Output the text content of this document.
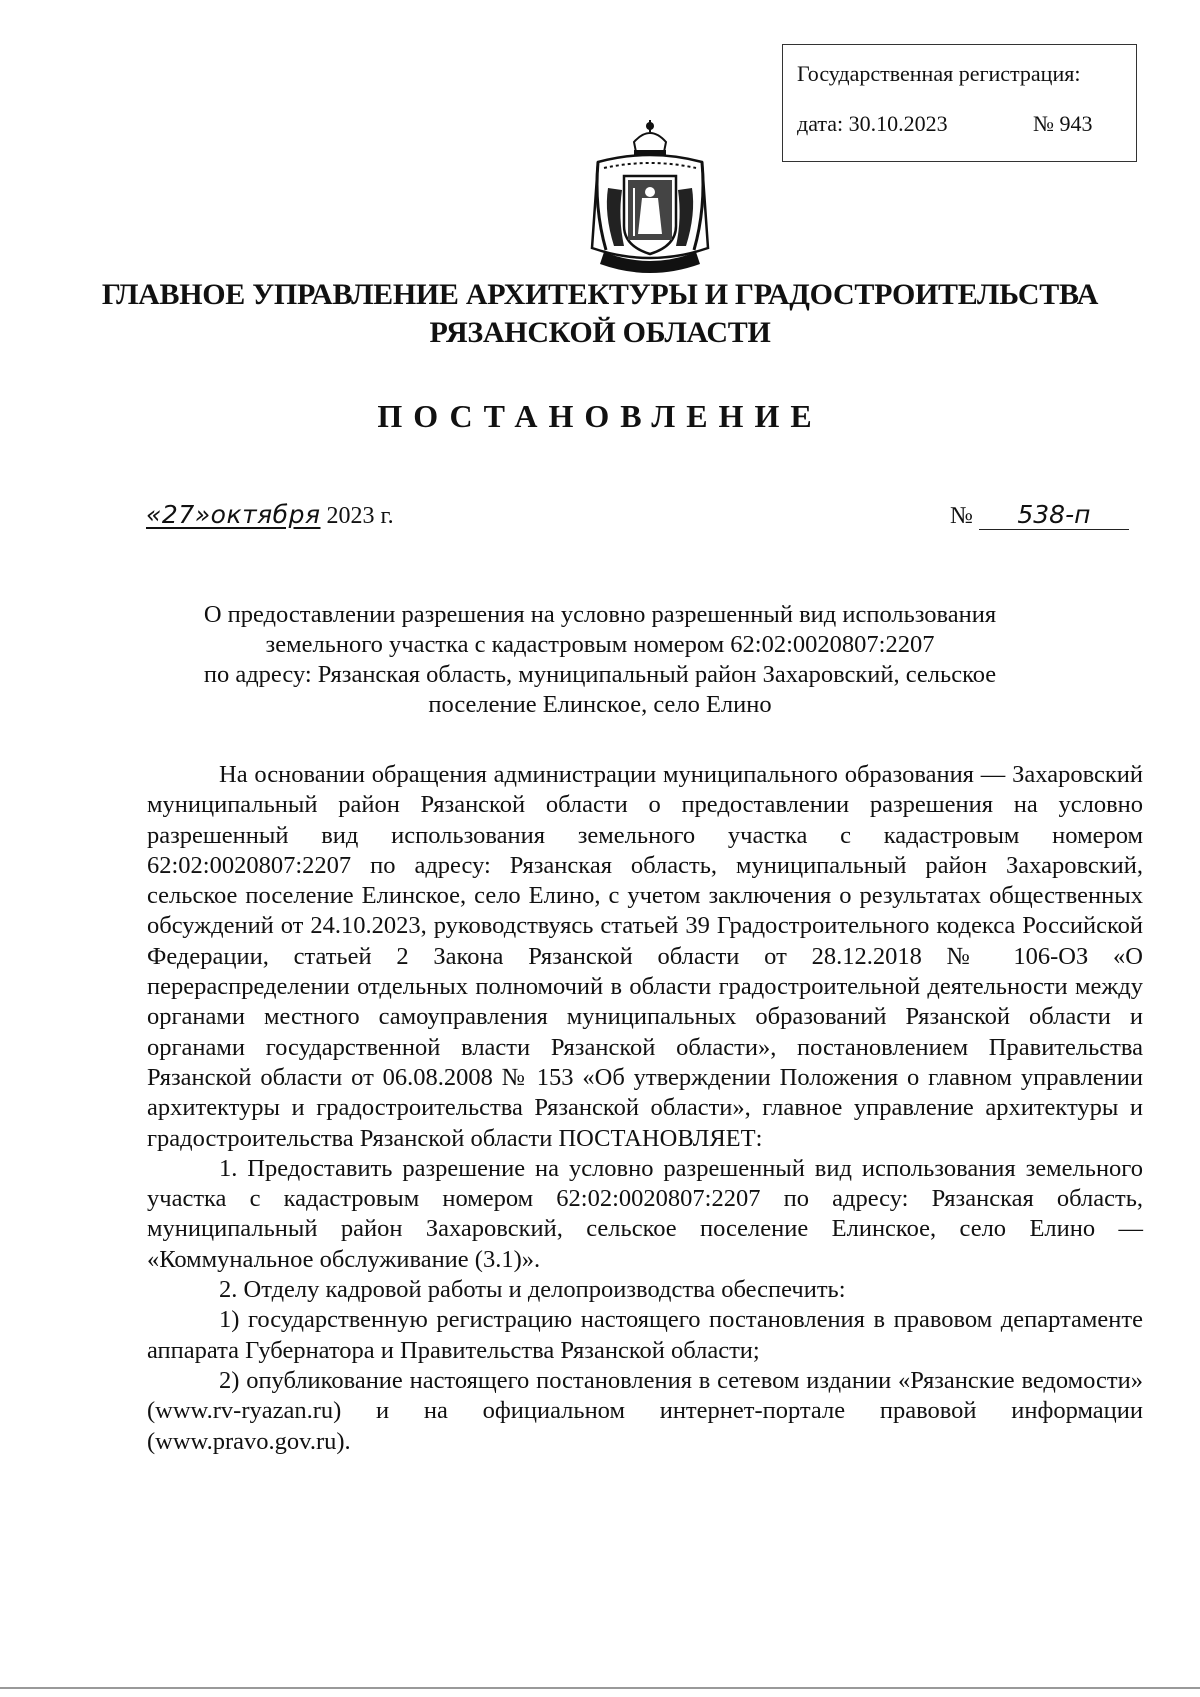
Государственная регистрация:
дата: 30.10.2023	№ 943
ГЛАВНОЕ УПРАВЛЕНИЕ АРХИТЕКТУРЫ И ГРАДОСТРОИТЕЛЬСТВА
РЯЗАНСКОЙ ОБЛАСТИ
ПОСТАНОВЛЕНИЕ
«27»октября 2023 г.	№ 538-п
О предоставлении разрешения на условно разрешенный вид использования
земельного участка с кадастровым номером 62:02:0020807:2207
по адресу: Рязанская область, муниципальный район Захаровский, сельское
поселение Елинское, село Елино

На основании обращения администрации муниципального образования — Захаровский муниципальный район Рязанской области о предоставлении разрешения на условно разрешенный вид использования земельного участка с кадастровым номером 62:02:0020807:2207 по адресу: Рязанская область, муниципальный район Захаровский, сельское поселение Елинское, село Елино, с учетом заключения о результатах общественных обсуждений от 24.10.2023, руководствуясь статьей 39 Градостроительного кодекса Российской Федерации, статьей 2 Закона Рязанской области от 28.12.2018 № 106-ОЗ «О перераспределении отдельных полномочий в области градостроительной деятельности между органами местного самоуправления муниципальных образований Рязанской области и органами государственной власти Рязанской области», постановлением Правительства Рязанской области от 06.08.2008 № 153 «Об утверждении Положения о главном управлении архитектуры и градостроительства Рязанской области», главное управление архитектуры и градостроительства Рязанской области ПОСТАНОВЛЯЕТ:

1. Предоставить разрешение на условно разрешенный вид использования земельного участка с кадастровым номером 62:02:0020807:2207 по адресу: Рязанская область, муниципальный район Захаровский, сельское поселение Елинское, село Елино — «Коммунальное обслуживание (3.1)».

2. Отделу кадровой работы и делопроизводства обеспечить:

1) государственную регистрацию настоящего постановления в правовом департаменте аппарата Губернатора и Правительства Рязанской области;

2) опубликование настоящего постановления в сетевом издании «Рязанские ведомости» (www.rv-ryazan.ru) и на официальном интернет-портале правовой информации (www.pravo.gov.ru).
